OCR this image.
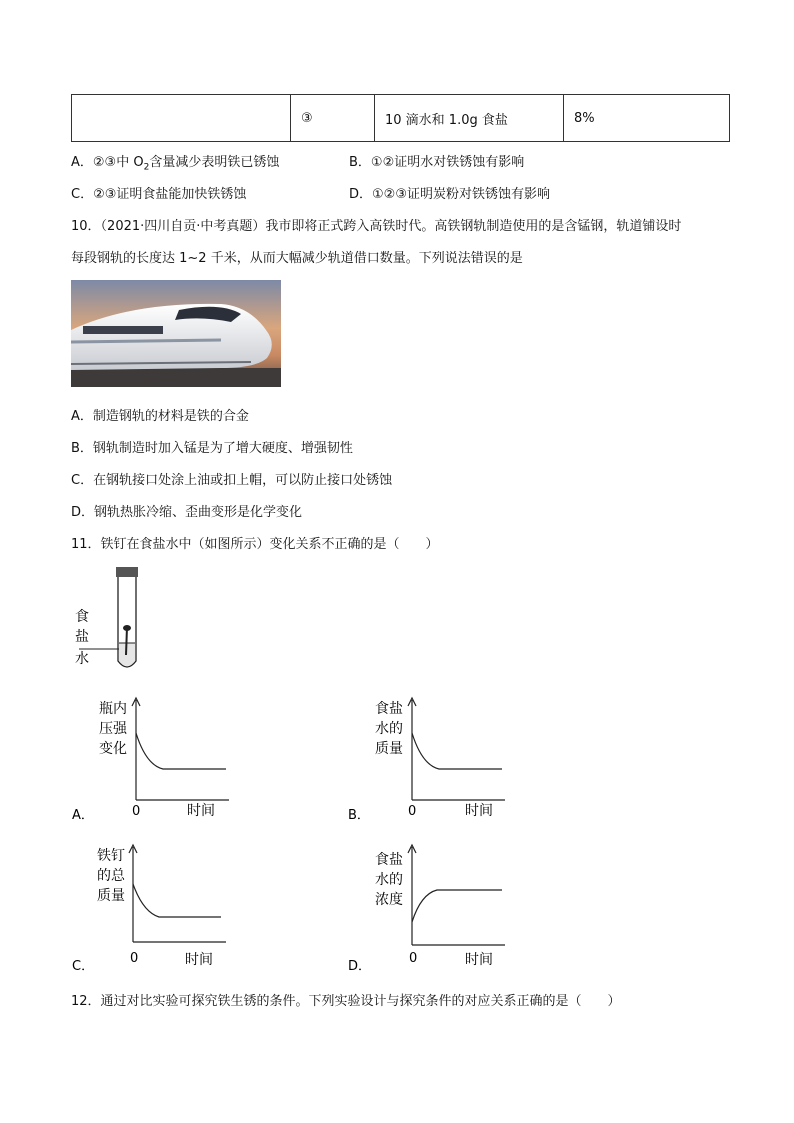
	③	10 滴水和 1.0g 食盐	8%
A．②③中 $O_2$含量减少表明铁已锈蚀	B．①②证明水对铁锈蚀有影响
C．②③证明食盐能加快铁锈蚀	D．①②③证明炭粉对铁锈蚀有影响
10．（2021·四川自贡·中考真题）我市即将正式跨入高铁时代。高铁钢轨制造使用的是含锰钢，轨道铺设时
每段钢轨的长度达 1~2 千米，从而大幅减少轨道借口数量。下列说法错误的是
A．制造钢轨的材料是铁的合金
B．钢轨制造时加入锰是为了增大硬度、增强韧性
C．在钢轨接口处涂上油或扣上帽，可以防止接口处锈蚀
D．钢轨热胀冷缩、歪曲变形是化学变化
11．铁钉在食盐水中（如图所示）变化关系不正确的是（　　）
食
盐
水
瓶内
压强
变化
0	时间
A．
食盐
水的
质量
0	时间
B．
铁钉
的总
质量
0	时间
C．
食盐
水的
浓度
0	时间
D．
12．通过对比实验可探究铁生锈的条件。下列实验设计与探究条件的对应关系正确的是（　　）
